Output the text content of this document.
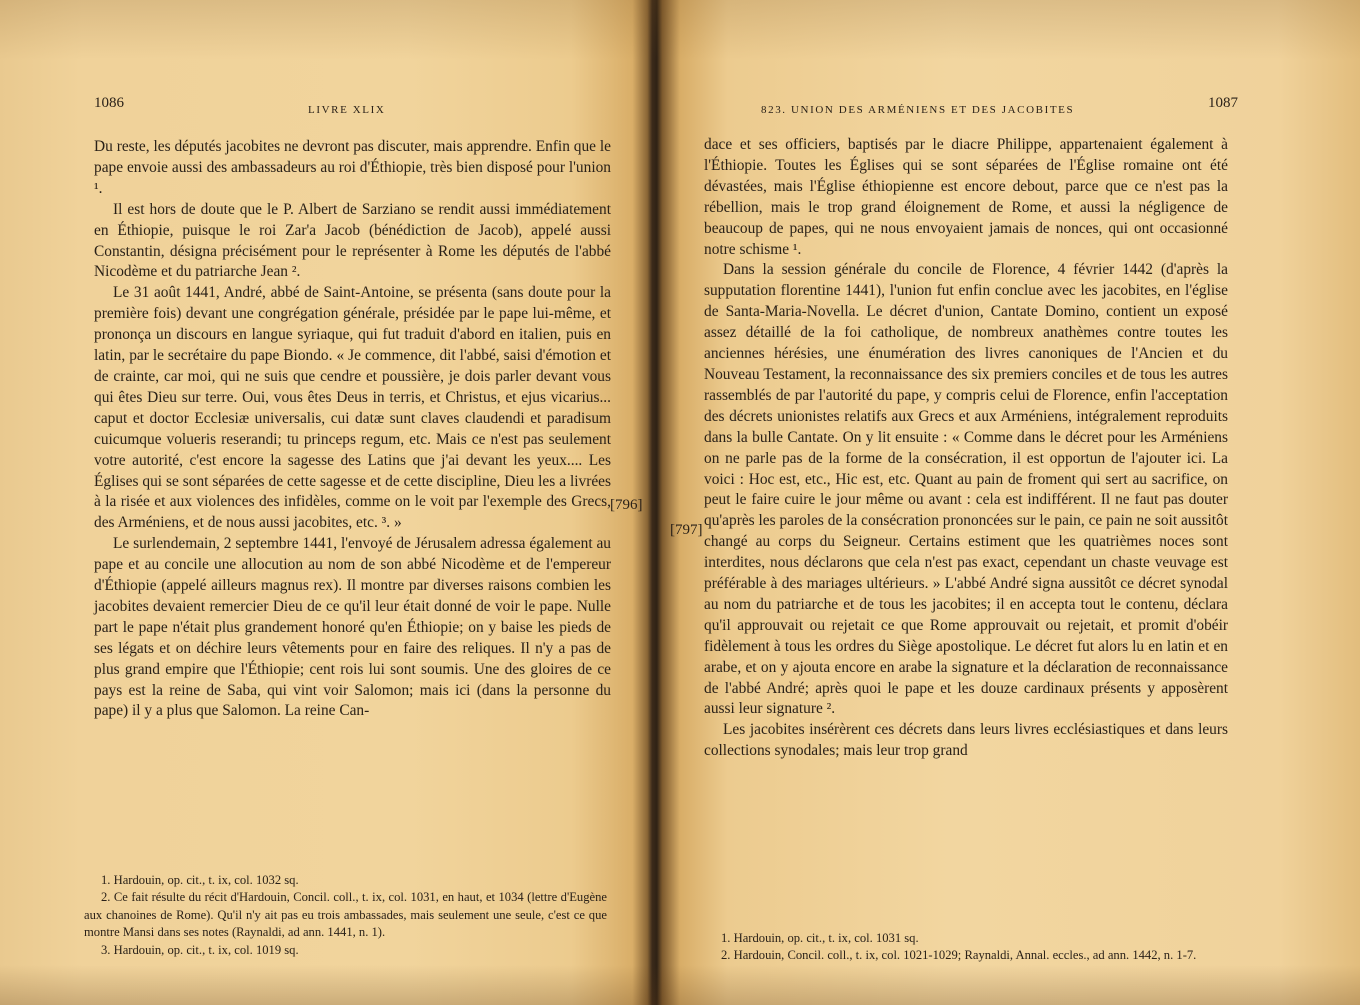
1086	LIVRE XLIX

Du reste, les députés jacobites ne devront pas discuter, mais apprendre. Enfin que le pape envoie aussi des ambassadeurs au roi d'Éthiopie, très bien disposé pour l'union ¹.

Il est hors de doute que le P. Albert de Sarziano se rendit aussi immédiatement en Éthiopie, puisque le roi Zar'a Jacob (bénédiction de Jacob), appelé aussi Constantin, désigna précisément pour le représenter à Rome les députés de l'abbé Nicodème et du patriarche Jean ².

Le 31 août 1441, André, abbé de Saint-Antoine, se présenta (sans doute pour la première fois) devant une congrégation générale, présidée par le pape lui-même, et prononça un discours en langue syriaque, qui fut traduit d'abord en italien, puis en latin, par le secrétaire du pape Biondo. « Je commence, dit l'abbé, saisi d'émotion et de crainte, car moi, qui ne suis que cendre et poussière, je dois parler devant vous qui êtes Dieu sur terre. Oui, vous êtes Deus in terris, et Christus, et ejus vicarius... caput et doctor Ecclesiæ universalis, cui datæ sunt claves claudendi et paradisum cuicumque volueris reserandi; tu princeps regum, etc. Mais ce n'est pas seulement votre autorité, c'est encore la sagesse des Latins que j'ai devant les yeux.... Les Églises qui se sont séparées de cette sagesse et de cette discipline, Dieu les a livrées à la risée et aux violences des infidèles, comme on le voit par l'exemple des Grecs, des Arméniens, et de nous aussi jacobites, etc. ³. »

Le surlendemain, 2 septembre 1441, l'envoyé de Jérusalem adressa également au pape et au concile une allocution au nom de son abbé Nicodème et de l'empereur d'Éthiopie (appelé ailleurs magnus rex). Il montre par diverses raisons combien les jacobites devaient remercier Dieu de ce qu'il leur était donné de voir le pape. Nulle part le pape n'était plus grandement honoré qu'en Éthiopie; on y baise les pieds de ses légats et on déchire leurs vêtements pour en faire des reliques. Il n'y a pas de plus grand empire que l'Éthiopie; cent rois lui sont soumis. Une des gloires de ce pays est la reine de Saba, qui vint voir Salomon; mais ici (dans la personne du pape) il y a plus que Salomon. La reine Can-

1. Hardouin, op. cit., t. ix, col. 1032 sq.

2. Ce fait résulte du récit d'Hardouin, Concil. coll., t. ix, col. 1031, en haut, et 1034 (lettre d'Eugène aux chanoines de Rome). Qu'il n'y ait pas eu trois ambassades, mais seulement une seule, c'est ce que montre Mansi dans ses notes (Raynaldi, ad ann. 1441, n. 1).

3. Hardouin, op. cit., t. ix, col. 1019 sq.

[796]
[797]
823. UNION DES ARMÉNIENS ET DES JACOBITES	1087

dace et ses officiers, baptisés par le diacre Philippe, appartenaient également à l'Éthiopie. Toutes les Églises qui se sont séparées de l'Église romaine ont été dévastées, mais l'Église éthiopienne est encore debout, parce que ce n'est pas la rébellion, mais le trop grand éloignement de Rome, et aussi la négligence de beaucoup de papes, qui ne nous envoyaient jamais de nonces, qui ont occasionné notre schisme ¹.

Dans la session générale du concile de Florence, 4 février 1442 (d'après la supputation florentine 1441), l'union fut enfin conclue avec les jacobites, en l'église de Santa-Maria-Novella. Le décret d'union, Cantate Domino, contient un exposé assez détaillé de la foi catholique, de nombreux anathèmes contre toutes les anciennes hérésies, une énumération des livres canoniques de l'Ancien et du Nouveau Testament, la reconnaissance des six premiers conciles et de tous les autres rassemblés de par l'autorité du pape, y compris celui de Florence, enfin l'acceptation des décrets unionistes relatifs aux Grecs et aux Arméniens, intégralement reproduits dans la bulle Cantate. On y lit ensuite : « Comme dans le décret pour les Arméniens on ne parle pas de la forme de la consécration, il est opportun de l'ajouter ici. La voici : Hoc est, etc., Hic est, etc. Quant au pain de froment qui sert au sacrifice, on peut le faire cuire le jour même ou avant : cela est indifférent. Il ne faut pas douter qu'après les paroles de la consécration prononcées sur le pain, ce pain ne soit aussitôt changé au corps du Seigneur. Certains estiment que les quatrièmes noces sont interdites, nous déclarons que cela n'est pas exact, cependant un chaste veuvage est préférable à des mariages ultérieurs. » L'abbé André signa aussitôt ce décret synodal au nom du patriarche et de tous les jacobites; il en accepta tout le contenu, déclara qu'il approuvait ou rejetait ce que Rome approuvait ou rejetait, et promit d'obéir fidèlement à tous les ordres du Siège apostolique. Le décret fut alors lu en latin et en arabe, et on y ajouta encore en arabe la signature et la déclaration de reconnaissance de l'abbé André; après quoi le pape et les douze cardinaux présents y apposèrent aussi leur signature ².

Les jacobites insérèrent ces décrets dans leurs livres ecclésiastiques et dans leurs collections synodales; mais leur trop grand

1. Hardouin, op. cit., t. ix, col. 1031 sq.

2. Hardouin, Concil. coll., t. ix, col. 1021-1029; Raynaldi, Annal. eccles., ad ann. 1442, n. 1-7.
